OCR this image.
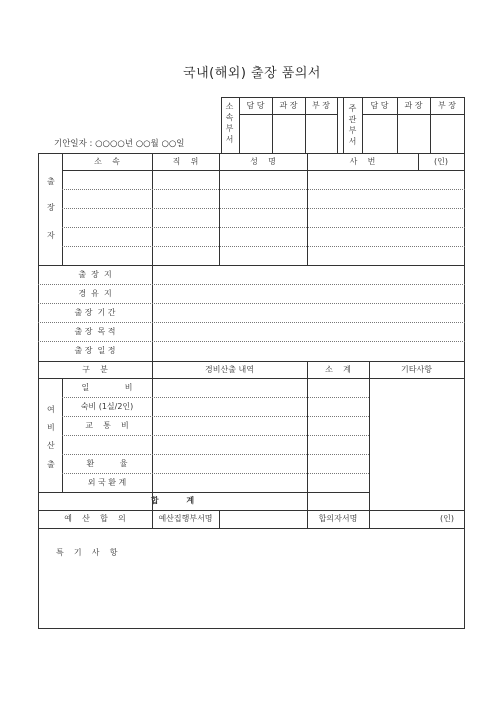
국내(해외) 출장 품의서
소속부서
주관부서
담 당	과 장	부 장	담 당	과 장	부 장
기안일자 : ○○○○년 ○○월 ○○일
출
장
자
소    속	직    위	성    명	사    번	(인)
출  장  지
경  유  지
출 장  기 간
출 장  목 적
출 장  일 정
구    분	경비산출 내역	소    계	기타사항
여
비
산
출
일              비
숙비 (1실/2인)
교    통    비
환          율
외 국 환 계
합          계
예    산    합    의	예산집행부서명	합의자서명	(인)
특    기    사    항
